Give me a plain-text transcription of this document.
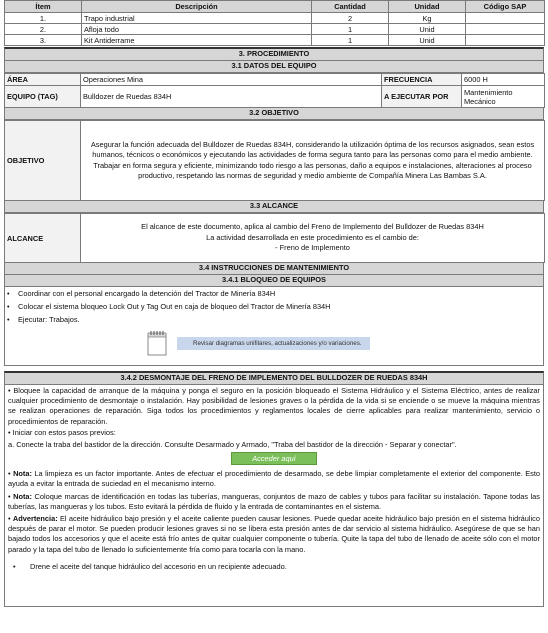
Ítem	Descripción	Cantidad	Unidad	Código SAP
1.	Trapo industrial	2	Kg	
2.	Afloja todo	1	Unid	
3.	Kit Antiderrame	1	Unid	
3. PROCEDIMIENTO
3.1 DATOS DEL EQUIPO
ÁREA	Operaciones Mina	FRECUENCIA	6000 H
EQUIPO (TAG)	Bulldozer de Ruedas 834H	A EJECUTAR POR	Mantenimiento Mecánico
3.2 OBJETIVO
OBJETIVO	
Asegurar la función adecuada del Bulldozer de Ruedas 834H, considerando la utilización óptima de los recursos asignados, sean estos humanos, técnicos o económicos y ejecutando las actividades de forma segura tanto para las personas como para el medio ambiente.
Trabajar en forma segura y eficiente, minimizando todo riesgo a las personas, daño a equipos e instalaciones, alteraciones al proceso productivo, respetando las normas de seguridad y medio ambiente de Compañía Minera Las Bambas S.A.
3.3 ALCANCE
ALCANCE	
El alcance de este documento, aplica al cambio del Freno de Implemento del Bulldozer de Ruedas 834H
La actividad desarrollada en este procedimiento es el cambio de:
- Freno de Implemento
3.4 INSTRUCCIONES DE MANTENIMIENTO
3.4.1 BLOQUEO DE EQUIPOS
•	Coordinar con el personal encargado la detención del Tractor de Minería 834H
•	Colocar el sistema bloqueo Lock Out y Tag Out en caja de bloqueo del Tractor de Minería 834H
•	Ejecutar: Trabajos.
Revisar diagramas unifilares, actualizaciones y/o variaciones.
3.4.2 DESMONTAJE DEL FRENO DE IMPLEMENTO DEL BULLDOZER DE RUEDAS 834H
• Bloquee la capacidad de arranque de la máquina y ponga el seguro en la posición bloqueado el Sistema Hidráulico y el Sistema Eléctrico, antes de realizar cualquier procedimiento de desmontaje o instalación. Hay posibilidad de lesiones graves o la pérdida de la vida si se enciende o se mueve la máquina mientras se realizan operaciones de reparación. Siga todos los procedimientos y reglamentos locales de cierre aplicables para realizar mantenimiento, servicio o procedimientos de reparación.
• Iniciar con estos pasos previos:
a. Conecte la traba del bastidor de la dirección. Consulte Desarmado y Armado, "Traba del bastidor de la dirección - Separar y conectar".
Acceder aquí
• Nota: La limpieza es un factor importante. Antes de efectuar el procedimiento de desarmado, se debe limpiar completamente el exterior del componente. Esto ayuda a evitar la entrada de suciedad en el mecanismo interno.
• Nota: Coloque marcas de identificación en todas las tuberías, mangueras, conjuntos de mazo de cables y tubos para facilitar su instalación. Tapone todas las tuberías, las mangueras y los tubos. Esto evitará la pérdida de fluido y la entrada de contaminantes en el sistema.
• Advertencia: El aceite hidráulico bajo presión y el aceite caliente pueden causar lesiones. Puede quedar aceite hidráulico bajo presión en el sistema hidráulico después de parar el motor. Se pueden producir lesiones graves si no se libera esta presión antes de dar servicio al sistema hidráulico. Asegúrese de que se han bajado todos los accesorios y que el aceite está frío antes de quitar cualquier componente o tubería. Quite la tapa del tubo de llenado de aceite sólo con el motor parado y la tapa del tubo de llenado lo suficientemente fría como para tocarla con la mano.
•	Drene el aceite del tanque hidráulico del accesorio en un recipiente adecuado.
